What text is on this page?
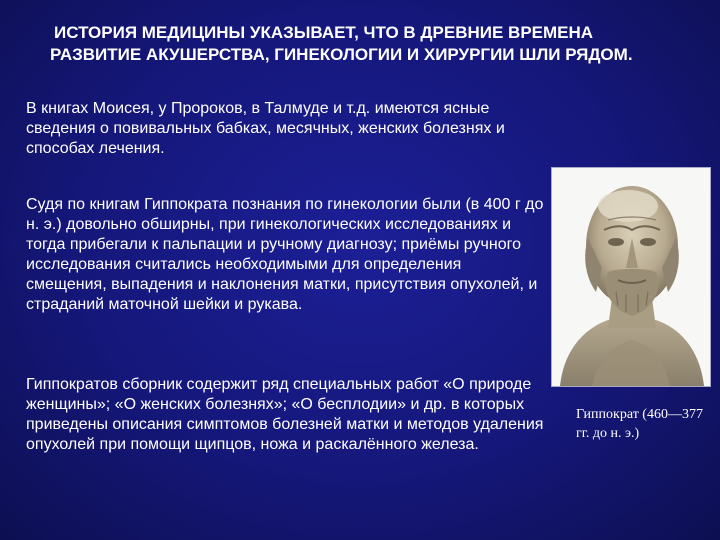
ИСТОРИЯ МЕДИЦИНЫ УКАЗЫВАЕТ, ЧТО В ДРЕВНИЕ ВРЕМЕНА
РАЗВИТИЕ АКУШЕРСТВА, ГИНЕКОЛОГИИ И ХИРУРГИИ ШЛИ РЯДОМ.

В книгах Моисея, у Пророков, в Талмуде и т.д. имеются ясные сведения о повивальных бабках, месячных, женских болезнях и способах лечения.

Судя по книгам Гиппократа познания по гинекологии были (в 400 г до н. э.) довольно обширны, при гинекологических исследованиях и тогда прибегали к пальпации и ручному диагнозу; приёмы ручного исследования считались необходимыми для определения смещения, выпадения и наклонения матки, присутствия опухолей, и страданий маточной шейки и рукава.

Гиппократов сборник содержит ряд специальных работ «О природе женщины»; «О женских болезнях»; «О бесплодии» и др. в которых приведены описания симптомов болезней матки и методов удаления опухолей при помощи щипцов, ножа и раскалённого железа.

Гиппократ (460—377 гг. до н. э.)
